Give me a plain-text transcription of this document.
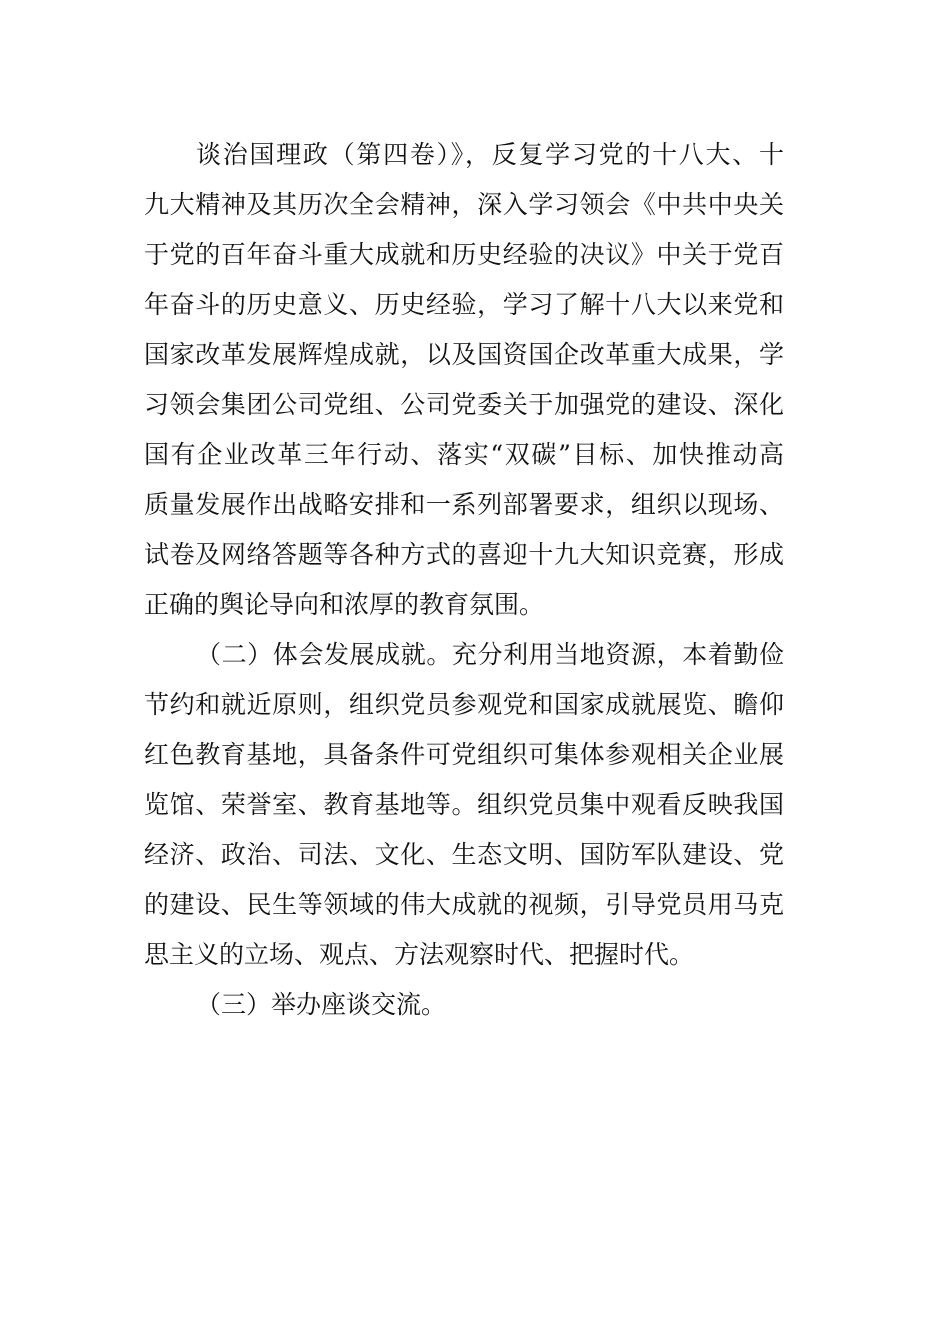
谈治国理政（第四卷）》，反复学习党的十八大、十
九大精神及其历次全会精神，深入学习领会《中共中央关
于党的百年奋斗重大成就和历史经验的决议》中关于党百
年奋斗的历史意义、历史经验，学习了解十八大以来党和
国家改革发展辉煌成就，以及国资国企改革重大成果，学
习领会集团公司党组、公司党委关于加强党的建设、深化
国有企业改革三年行动、落实“双碳”目标、加快推动高
质量发展作出战略安排和一系列部署要求，组织以现场、
试卷及网络答题等各种方式的喜迎十九大知识竞赛，形成
正确的舆论导向和浓厚的教育氛围。
（二）体会发展成就。充分利用当地资源，本着勤俭
节约和就近原则，组织党员参观党和国家成就展览、瞻仰
红色教育基地，具备条件可党组织可集体参观相关企业展
览馆、荣誉室、教育基地等。组织党员集中观看反映我国
经济、政治、司法、文化、生态文明、国防军队建设、党
的建设、民生等领域的伟大成就的视频，引导党员用马克
思主义的立场、观点、方法观察时代、把握时代。
（三）举办座谈交流。
